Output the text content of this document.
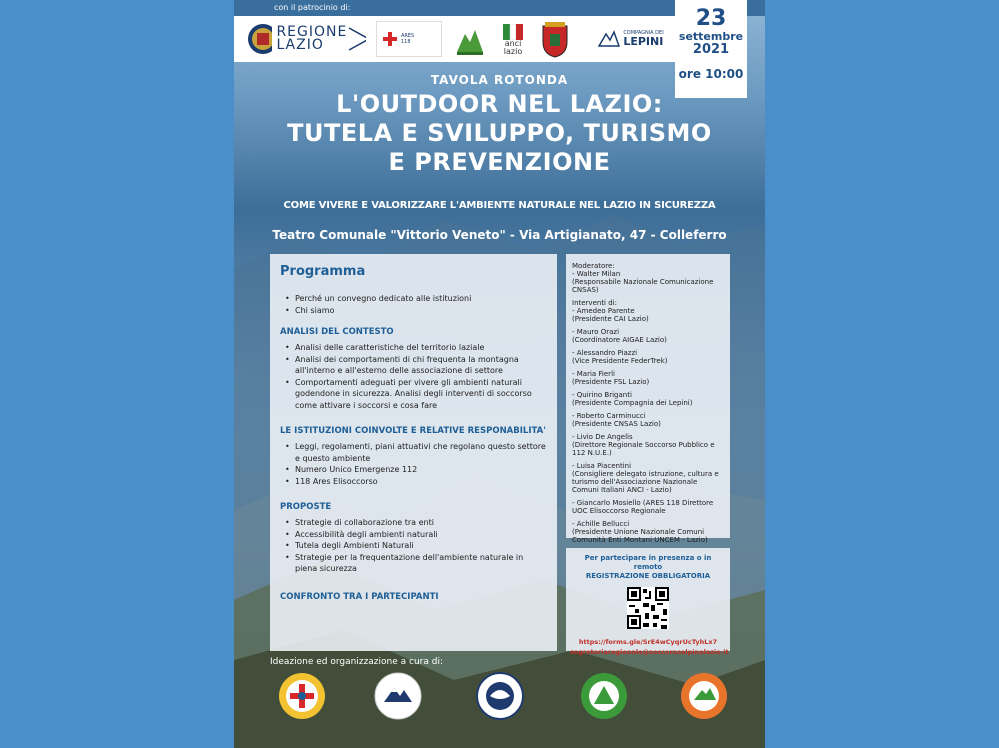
con il patrocinio di:
REGIONE
LAZIO
ARES
118	anci
lazio
COMPAGNIA DEI
LEPINI
23
settembre
2021
ore 10:00
TAVOLA ROTONDA
L'OUTDOOR NEL LAZIO:
TUTELA E SVILUPPO, TURISMO
E PREVENZIONE
COME VIVERE E VALORIZZARE L'AMBIENTE NATURALE NEL LAZIO IN SICUREZZA
Teatro Comunale "Vittorio Veneto" - Via Artigianato, 47 - Colleferro
Programma
• Perché un convegno dedicato alle istituzioni
• Chi siamo
ANALISI DEL CONTESTO
• Analisi delle caratteristiche del territorio laziale
• Analisi dei comportamenti di chi frequenta la montagna all'interno e all'esterno delle associazione di settore
• Comportamenti adeguati per vivere gli ambienti naturali godendone in sicurezza. Analisi degli interventi di soccorso come attivare i soccorsi e cosa fare
LE ISTITUZIONI COINVOLTE E RELATIVE RESPONABILITA'
• Leggi, regolamenti, piani attuativi che regolano questo settore e questo ambiente
• Numero Unico Emergenze 112
• 118 Ares Elisoccorso
PROPOSTE
• Strategie di collaborazione tra enti
• Accessibilità degli ambienti naturali
• Tutela degli Ambienti Naturali
• Strategie per la frequentazione dell'ambiente naturale in piena sicurezza
CONFRONTO TRA I PARTECIPANTI
Moderatore:
- Walter Milan
(Responsabile Nazionale Comunicazione CNSAS)
Interventi di:
- Amedeo Parente
(Presidente CAI Lazio)
- Mauro Orazi
(Coordinatore AIGAE Lazio)
- Alessandro Piazzi
(Vice Presidente FederTrek)
- Maria Fierli
(Presidente FSL Lazio)
- Quirino Briganti
(Presidente Compagnia dei Lepini)
- Roberto Carminucci
(Presidente CNSAS Lazio)
- Livio De Angelis
(Direttore Regionale Soccorso Pubblico e 112 N.U.E.)
- Luisa Piacentini
(Consigliere delegato istruzione, cultura e turismo dell'Associazione Nazionale Comuni Italiani ANCI - Lazio)
- Giancarlo Mosiello (ARES 118 Direttore UOC Elisoccorso Regionale
- Achille Bellucci
(Presidente Unione Nazionale Comuni Comunità Enti Montani UNCEM - Lazio)
Per partecipare in presenza o in remoto
REGISTRAZIONE OBBLIGATORIA
https://forms.gle/SrE4wCyqrUcTyhLx7
segreteriaregionale@soccorsoalpinolazio.it
Ideazione ed organizzazione a cura di:
